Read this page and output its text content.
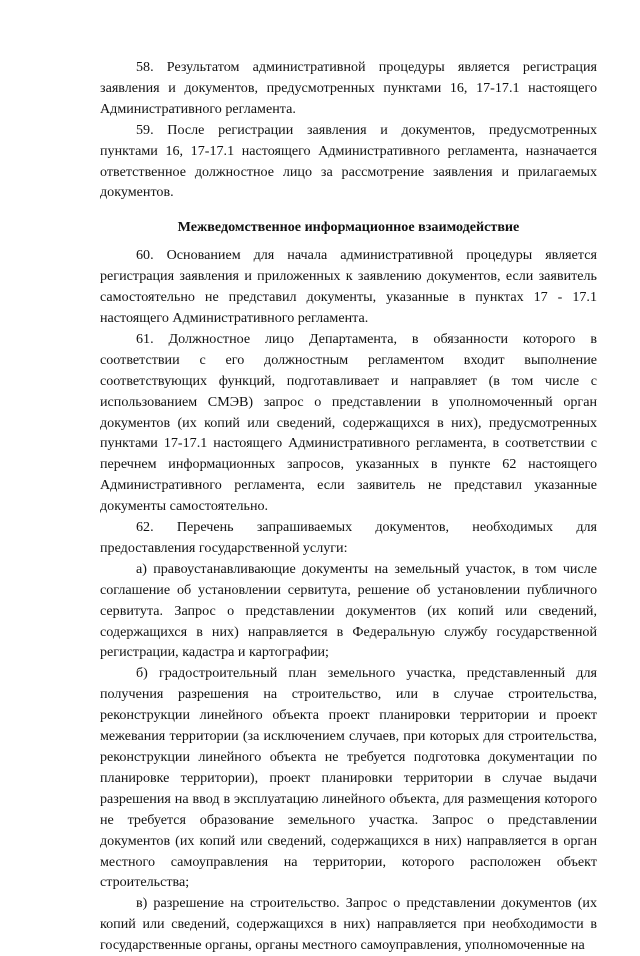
58. Результатом административной процедуры является регистрация заявления и документов, предусмотренных пунктами 16, 17-17.1 настоящего Административного регламента.

59. После регистрации заявления и документов, предусмотренных пунктами 16, 17-17.1 настоящего Административного регламента, назначается ответственное должностное лицо за рассмотрение заявления и прилагаемых документов.

Межведомственное информационное взаимодействие

60. Основанием для начала административной процедуры является регистрация заявления и приложенных к заявлению документов, если заявитель самостоятельно не представил документы, указанные в пунктах 17 - 17.1 настоящего Административного регламента.

61. Должностное лицо Департамента, в обязанности которого в соответствии с его должностным регламентом входит выполнение соответствующих функций, подготавливает и направляет (в том числе с использованием СМЭВ) запрос о представлении в уполномоченный орган документов (их копий или сведений, содержащихся в них), предусмотренных пунктами 17-17.1 настоящего Административного регламента, в соответствии с перечнем информационных запросов, указанных в пункте 62 настоящего Административного регламента, если заявитель не представил указанные документы самостоятельно.

62. Перечень запрашиваемых документов, необходимых для предоставления государственной услуги:

а) правоустанавливающие документы на земельный участок, в том числе соглашение об установлении сервитута, решение об установлении публичного сервитута. Запрос о представлении документов (их копий или сведений, содержащихся в них) направляется в Федеральную службу государственной регистрации, кадастра и картографии;

б) градостроительный план земельного участка, представленный для получения разрешения на строительство, или в случае строительства, реконструкции линейного объекта проект планировки территории и проект межевания территории (за исключением случаев, при которых для строительства, реконструкции линейного объекта не требуется подготовка документации по планировке территории), проект планировки территории в случае выдачи разрешения на ввод в эксплуатацию линейного объекта, для размещения которого не требуется образование земельного участка. Запрос о представлении документов (их копий или сведений, содержащихся в них) направляется в орган местного самоуправления на территории, которого расположен объект строительства;

в) разрешение на строительство. Запрос о представлении документов (их копий или сведений, содержащихся в них) направляется при необходимости в государственные органы, органы местного самоуправления, уполномоченные на
